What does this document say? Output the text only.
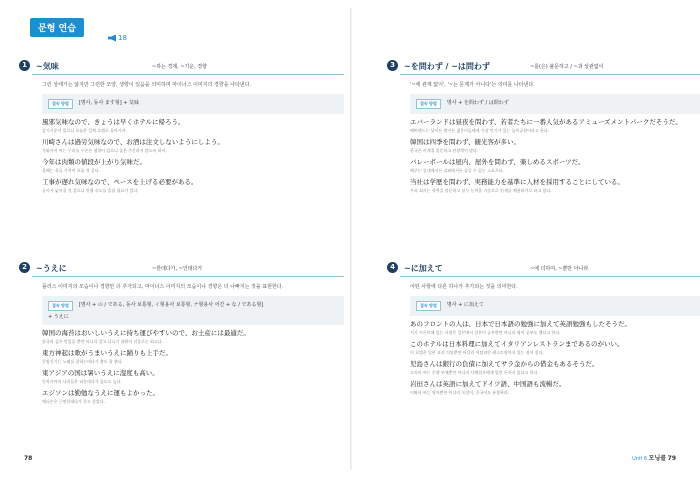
문형 연습
18
1	~気味	~하는 경계, ~기운, 경향
그런 상태가는 않지만 그런한 모양, 생향이 있음을 의미하며 마이너스 이미지의 경향을 나타낸다.
접속 방법	[명사, 동사 ます형] + 気味
風邪気味なので、きょうは早くホテルに帰ろう。
감기기운이 있으니 오늘은 일찍 호텔로 돌아가자.
川崎さんは過労気味なので、お酒は注文しないようにしよう。
가와사키 씨는 무리를 무슨은 생향이 있으니 술은 주문하지 않도록 하자.
今年は肉類の値段が上がり気味だ。
올해는 육류 가격이 오를 것 같다.
工事が遅れ気味なので、ペースを上げる必要がある。
공사가 늦어질 것 같으니 진행 속도를 올릴 필요가 있다.
2	~うえに	~한데다가, ~인데다가
플러스 이미지의 모습이나 경향만 더 추가되고, 마이너스 이미지의 모습이나 경향은 더 나빠지는 것을 표현한다.
접속 방법	[명사 + の / である, 동사 보통형, イ형용사 보통형, ナ형용사 어간 + な / である형]
+ うえに
韓国の海苔はおいしいうえに持ち運びやすいので、お土産には最適だ。
한국의 김은 맛있을 뿐만 아니라 갖고 다니기 쉬워서 선물로는 최고다.
東方神起は歌がうまいうえに踊りも上手だ。
동방신기는 노래를 잘하는데다가 춤도 잘 춘다.
東アジアの国は暑いうえに湿度も高い。
동아시아의 나라들은 더운데다가 습도도 높다.
エジソンは勤勉なうえに運もよかった。
에디슨은 근면한데다가 운도 좋았다.
3	~を問わず / ~は問わず	~를(은) 불문하고 / ~과 상관없이
'~에 관계 없이', '~는 문제가 아니다'는 의미를 나타낸다.
접속 방법	명사 + を問わず / は問わず
エバーランドは昼夜を問わず、若者たちに一番人気があるアミューズメントパークだそうだ。
에버랜드는 낮이든 밤이든 젊은이들에게 가장 인기가 있는 놀이공원이라고 한다.
韓国は四季を問わず、観光客が多い。
한국은 사계절 불문하고 관광객이 많다.
バレーボールは屋内、屋外を問わず、楽しめるスポーツだ。
배구는 실내에서든 실외에서든 즐길 수 있는 스포츠다.
当社は学歴を問わず、実務能力を基準に人材を採用することにしている。
우리 회사는 학력을 불문하고 실무 능력을 기준으로 인재를 채용하기로 하고 있다.
4	~に加えて	~에 더하여, ~뿐만 아니라
어떤 사항에 다른 하나가 추가되는 것을 의미한다.
접속 방법	명사 + に加えて
あのフロントの人は、日本で日本語の勉強に加えて英語勉強もしたそうだ。
저기 프론트에 있는 사람은 일본에서 일본어 공부뿐만 아니라 영어 공부도 했다고 한다.
このホテルは日本料理に加えてイタリアンレストランまであるのがいい。
이 호텔은 일본 요리 식당뿐만 아니라 이탈리안 레스토랑까지 있는 점이 좋다.
児島さんは銀行の負債に加えてサラ金からの借金もあるそうだ。
고지마 씨는 은행 부채뿐만 아니라 사채업자에게 빌린 돈까지 있다고 한다.
岩田さんは英語に加えてドイツ語、中国語も流暢だ。
이와타 씨는 영어뿐만 아니라 독일어, 중국어도 유창하다.
78	Unit 6 모닝콜 79
